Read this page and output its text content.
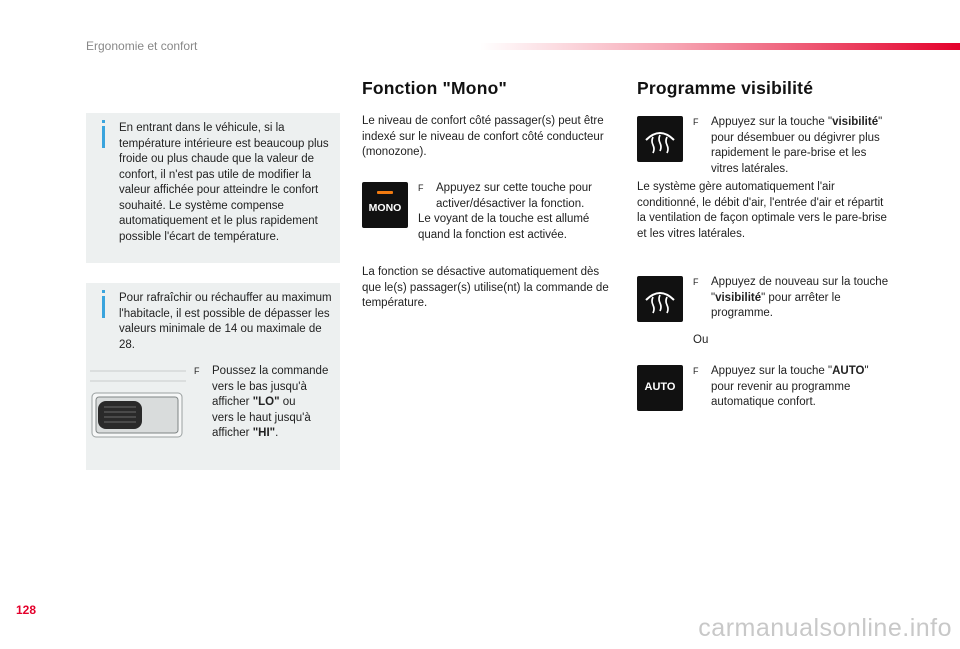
Ergonomie et confort
En entrant dans le véhicule, si la température intérieure est beaucoup plus froide ou plus chaude que la valeur de confort, il n'est pas utile de modifier la valeur affichée pour atteindre le confort souhaité. Le système compense automatiquement et le plus rapidement possible l'écart de température.
Pour rafraîchir ou réchauffer au maximum l'habitacle, il est possible de dépasser les valeurs minimale de 14 ou maximale de 28.
F Poussez la commande
vers le bas jusqu'à
afficher "LO" ou
vers le haut jusqu'à
afficher "HI".
Fonction "Mono"
Le niveau de confort côté passager(s) peut être indexé sur le niveau de confort côté conducteur (monozone).
MONO
F Appuyez sur cette touche pour activer/désactiver la fonction.
Le voyant de la touche est allumé quand la fonction est activée.
La fonction se désactive automatiquement dès que le(s) passager(s) utilise(nt) la commande de température.
Programme visibilité
F Appuyez sur la touche "visibilité" pour désembuer ou dégivrer plus rapidement le pare-brise et les vitres latérales.
Le système gère automatiquement l'air conditionné, le débit d'air, l'entrée d'air et répartit la ventilation de façon optimale vers le pare-brise et les vitres latérales.
F Appuyez de nouveau sur la touche "visibilité" pour arrêter le programme.
Ou
AUTO
F Appuyez sur la touche "AUTO" pour revenir au programme automatique confort.
128
carmanualsonline.info
